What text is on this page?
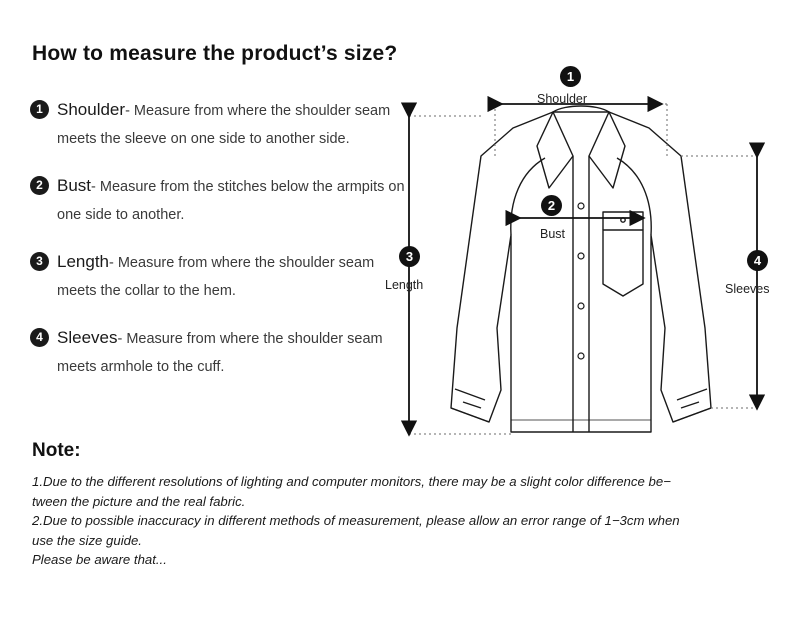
How to measure the product’s size?
1 Shoulder- Measure from where the shoulder seam meets the sleeve on one side to another side.
2 Bust- Measure from the stitches below the armpits on one side to another.
3 Length- Measure from where the shoulder seam meets the collar to the hem.
4 Sleeves- Measure from where the shoulder seam meets armhole to the cuff.
Note:
1.Due to the different resolutions of lighting and computer monitors, there may be a slight color difference be−
tween the picture and the real fabric.
2.Due to possible inaccuracy in different methods of measurement, please allow an error range of 1−3cm when
use the size guide.
Please be aware that...
1
Shoulder
2
Bust
3
Length
4
Sleeves
